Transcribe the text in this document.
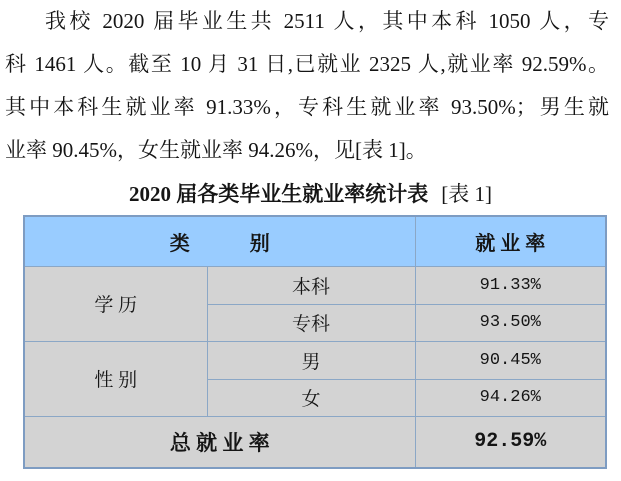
我校 2020 届毕业生共 2511 人，其中本科 1050 人，专
科 1461 人。截至 10 月 31 日,已就业 2325 人,就业率 92.59%。
其中本科生就业率 91.33%，专科生就业率 93.50%；男生就
业率 90.45%，女生就业率 94.26%，见[表 1]。
2020 届各类毕业生就业率统计表 [表 1]
类　　　别		就 业 率
学 历	本科	91.33%
	专科	93.50%
性 别	男	90.45%
	女	94.26%
总 就 业 率		92.59%
